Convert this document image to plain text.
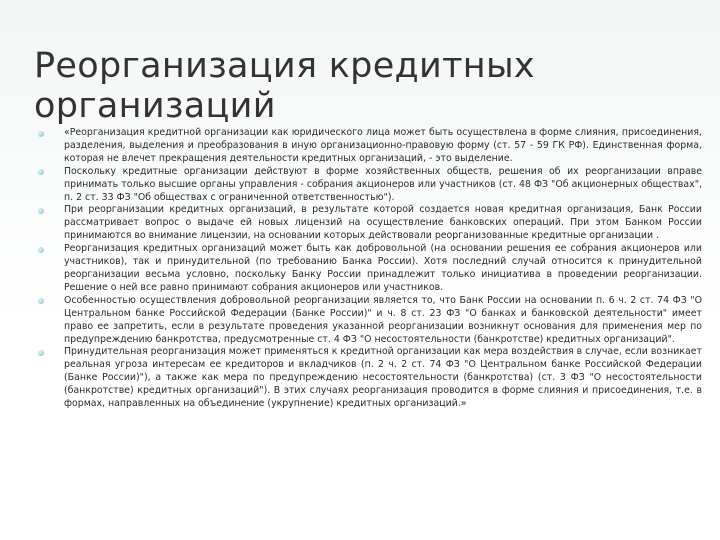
«Реорганизация кредитной организации как юридического лица может быть осуществлена в форме слияния, присоединения, разделения, выделения и преобразования в иную организационно-правовую форму (ст. 57 - 59 ГК РФ). Единственная форма, которая не влечет прекращения деятельности кредитных организаций, - это выделение.
Поскольку кредитные организации действуют в форме хозяйственных обществ, решения об их реорганизации вправе принимать только высшие органы управления - собрания акционеров или участников (ст. 48 ФЗ "Об акционерных обществах", п. 2 ст. 33 ФЗ "Об обществах с ограниченной ответственностью").
При реорганизации кредитных организаций, в результате которой создается новая кредитная организация, Банк России рассматривает вопрос о выдаче ей новых лицензий на осуществление банковских операций. При этом Банком России принимаются во внимание лицензии, на основании которых действовали реорганизованные кредитные организации .
Реорганизация кредитных организаций может быть как добровольной (на основании решения ее собрания акционеров или участников), так и принудительной (по требованию Банка России). Хотя последний случай относится к принудительной реорганизации весьма условно, поскольку Банку России принадлежит только инициатива в проведении реорганизации. Решение о ней все равно принимают собрания акционеров или участников.
Особенностью осуществления добровольной реорганизации является то, что Банк России на основании п. 6 ч. 2 ст. 74 ФЗ "О Центральном банке Российской Федерации (Банке России)" и ч. 8 ст. 23 ФЗ "О банках и банковской деятельности" имеет право ее запретить, если в результате проведения указанной реорганизации возникнут основания для применения мер по предупреждению банкротства, предусмотренные ст. 4 ФЗ "О несостоятельности (банкротстве) кредитных организаций".
Принудительная реорганизация может применяться к кредитной организации как мера воздействия в случае, если возникает реальная угроза интересам ее кредиторов и вкладчиков (п. 2 ч. 2 ст. 74 ФЗ "О Центральном банке Российской Федерации (Банке России)"), а также как мера по предупреждению несостоятельности (банкротства) (ст. 3 ФЗ "О несостоятельности (банкротстве) кредитных организаций"). В этих случаях реорганизация проводится в форме слияния и присоединения, т.е. в формах, направленных на объединение (укрупнение) кредитных организаций.»
Реорганизация кредитных организаций
